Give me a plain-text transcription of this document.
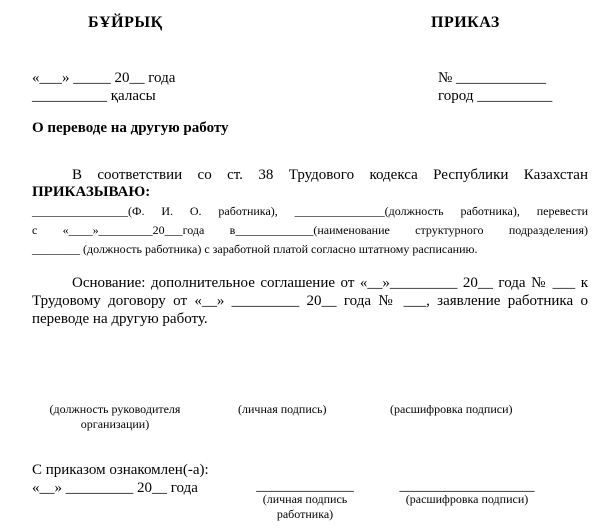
БҰЙРЫҚ	ПРИКАЗ
«___» _____ 20__ года
__________ қаласы
№ ____________
город __________
О переводе на другую работу
В соответствии со ст. 38 Трудового кодекса Республики Казахстан
ПРИКАЗЫВАЮ:
________________(Ф. И. О. работника), _______________(должность работника), перевести
с «____»_________20___года в_____________(наименование структурного подразделения)
________ (должность работника) с заработной платой согласно штатному расписанию.
Основание: дополнительное соглашение от «__»_________ 20__ года № ___ к
Трудовому договору от «__» _________ 20__ года № ___, заявление работника о
переводе на другую работу.
(должность руководителя
организации)
(личная подпись)	(расшифровка подписи)
С приказом ознакомлен(-а):
«__» _________ 20__ года	_____________
(личная подпись
работника)
__________________
(расшифровка подписи)
